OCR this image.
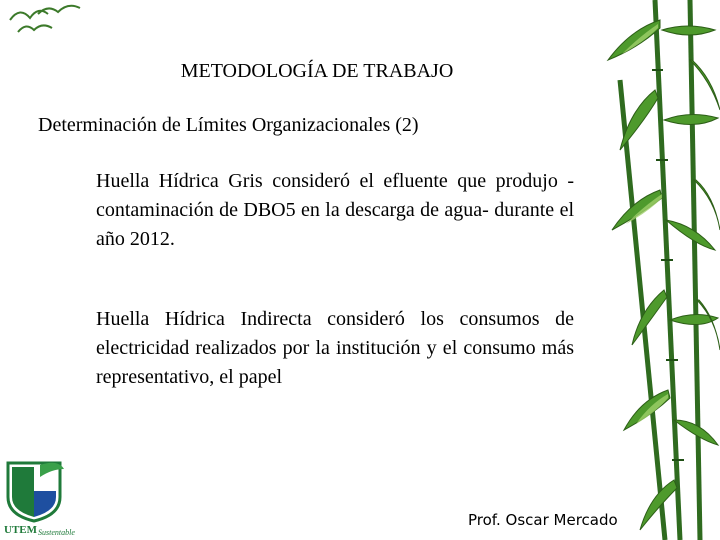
METODOLOGÍA DE TRABAJO
Determinación de Límites Organizacionales (2)
Huella Hídrica Gris consideró el efluente que produjo - contaminación de DBO5 en la descarga de agua- durante el año 2012.
Huella Hídrica Indirecta consideró los consumos de electricidad realizados por la institución y el consumo más representativo, el papel
UTEM Sustentable
Prof. Oscar Mercado
